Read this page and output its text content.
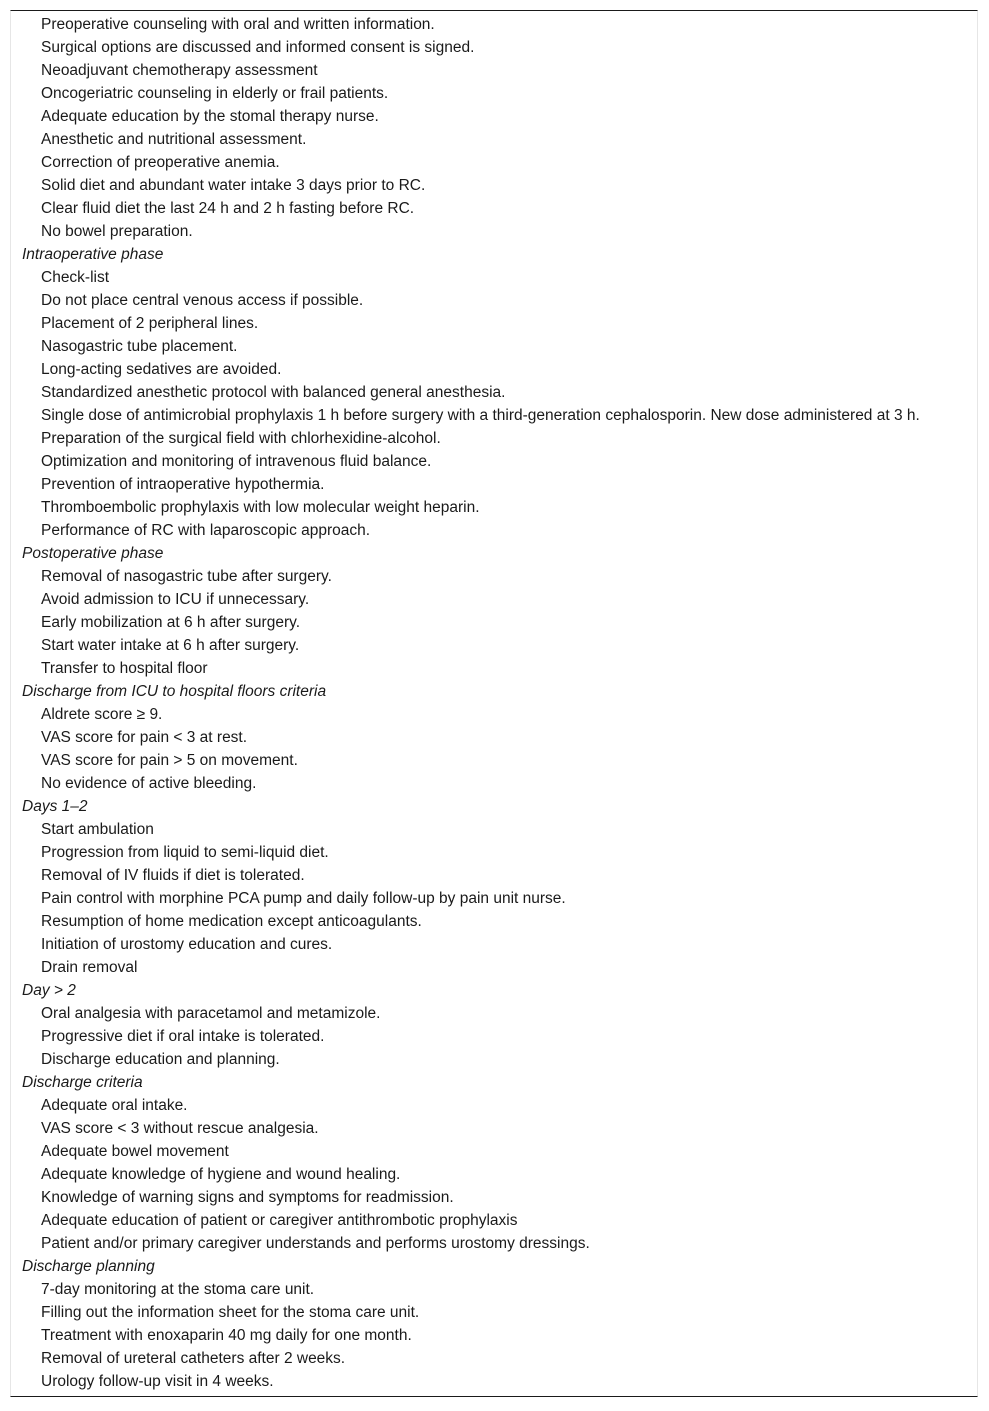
Preoperative counseling with oral and written information.
Surgical options are discussed and informed consent is signed.
Neoadjuvant chemotherapy assessment
Oncogeriatric counseling in elderly or frail patients.
Adequate education by the stomal therapy nurse.
Anesthetic and nutritional assessment.
Correction of preoperative anemia.
Solid diet and abundant water intake 3 days prior to RC.
Clear fluid diet the last 24 h and 2 h fasting before RC.
No bowel preparation.
Intraoperative phase
Check-list
Do not place central venous access if possible.
Placement of 2 peripheral lines.
Nasogastric tube placement.
Long-acting sedatives are avoided.
Standardized anesthetic protocol with balanced general anesthesia.
Single dose of antimicrobial prophylaxis 1 h before surgery with a third-generation cephalosporin. New dose administered at 3 h.
Preparation of the surgical field with chlorhexidine-alcohol.
Optimization and monitoring of intravenous fluid balance.
Prevention of intraoperative hypothermia.
Thromboembolic prophylaxis with low molecular weight heparin.
Performance of RC with laparoscopic approach.
Postoperative phase
Removal of nasogastric tube after surgery.
Avoid admission to ICU if unnecessary.
Early mobilization at 6 h after surgery.
Start water intake at 6 h after surgery.
Transfer to hospital floor
Discharge from ICU to hospital floors criteria
Aldrete score ≥ 9.
VAS score for pain < 3 at rest.
VAS score for pain > 5 on movement.
No evidence of active bleeding.
Days 1–2
Start ambulation
Progression from liquid to semi-liquid diet.
Removal of IV fluids if diet is tolerated.
Pain control with morphine PCA pump and daily follow-up by pain unit nurse.
Resumption of home medication except anticoagulants.
Initiation of urostomy education and cures.
Drain removal
Day > 2
Oral analgesia with paracetamol and metamizole.
Progressive diet if oral intake is tolerated.
Discharge education and planning.
Discharge criteria
Adequate oral intake.
VAS score < 3 without rescue analgesia.
Adequate bowel movement
Adequate knowledge of hygiene and wound healing.
Knowledge of warning signs and symptoms for readmission.
Adequate education of patient or caregiver antithrombotic prophylaxis
Patient and/or primary caregiver understands and performs urostomy dressings.
Discharge planning
7-day monitoring at the stoma care unit.
Filling out the information sheet for the stoma care unit.
Treatment with enoxaparin 40 mg daily for one month.
Removal of ureteral catheters after 2 weeks.
Urology follow-up visit in 4 weeks.
